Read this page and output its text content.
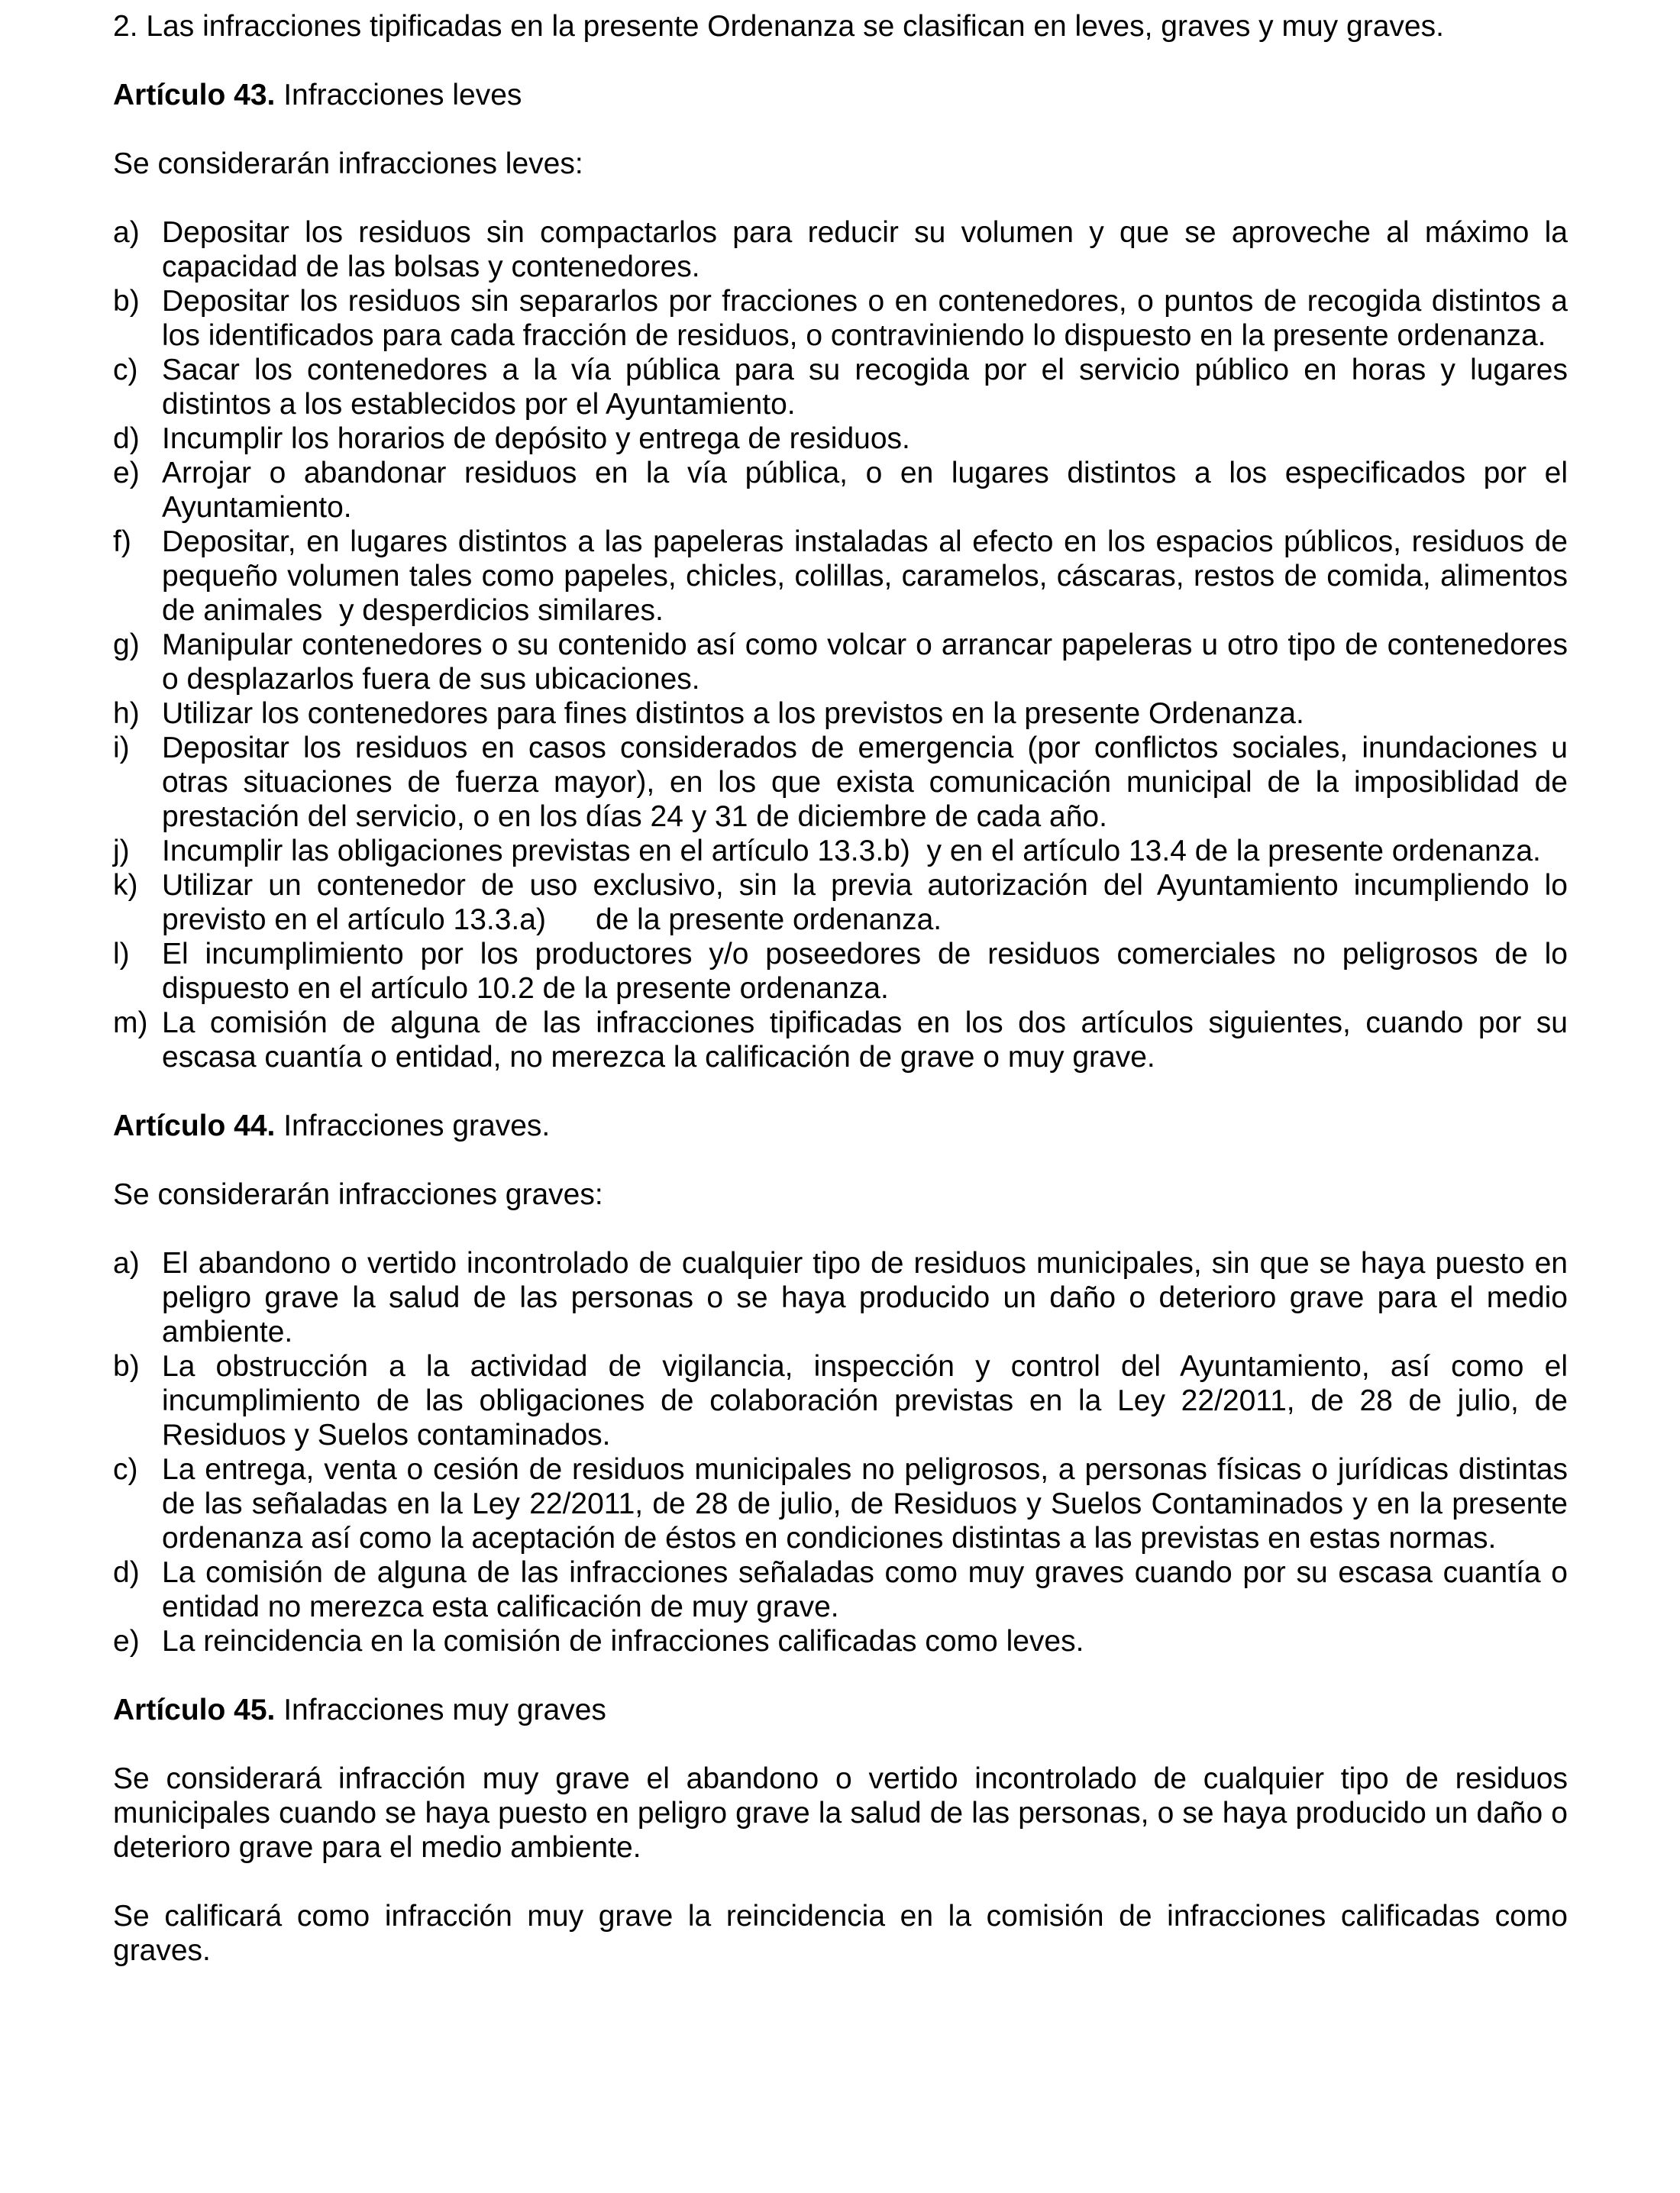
2. Las infracciones tipificadas en la presente Ordenanza se clasifican en leves, graves y muy graves.

Artículo 43. Infracciones leves

Se considerarán infracciones leves:

a) Depositar los residuos sin compactarlos para reducir su volumen y que se aproveche al máximo la capacidad de las bolsas y contenedores.
b) Depositar los residuos sin separarlos por fracciones o en contenedores, o puntos de recogida distintos a los identificados para cada fracción de residuos, o contraviniendo lo dispuesto en la presente ordenanza.
c) Sacar los contenedores a la vía pública para su recogida por el servicio público en horas y lugares distintos a los establecidos por el Ayuntamiento.
d) Incumplir los horarios de depósito y entrega de residuos.
e) Arrojar o abandonar residuos en la vía pública, o en lugares distintos a los especificados por el Ayuntamiento.
f) Depositar, en lugares distintos a las papeleras instaladas al efecto en los espacios públicos, residuos de pequeño volumen tales como papeles, chicles, colillas, caramelos, cáscaras, restos de comida, alimentos de animales  y desperdicios similares.
g) Manipular contenedores o su contenido así como volcar o arrancar papeleras u otro tipo de contenedores o desplazarlos fuera de sus ubicaciones.
h) Utilizar los contenedores para fines distintos a los previstos en la presente Ordenanza.
i) Depositar los residuos en casos considerados de emergencia (por conflictos sociales, inundaciones u otras situaciones de fuerza mayor), en los que exista comunicación municipal de la imposiblidad de prestación del servicio, o en los días 24 y 31 de diciembre de cada año.
j) Incumplir las obligaciones previstas en el artículo 13.3.b)  y en el artículo 13.4 de la presente ordenanza.
k) Utilizar un contenedor de uso exclusivo, sin la previa autorización del Ayuntamiento incumpliendo lo previsto en el artículo 13.3.a)      de la presente ordenanza.
l) El incumplimiento por los productores y/o poseedores de residuos comerciales no peligrosos de lo dispuesto en el artículo 10.2 de la presente ordenanza.
m) La comisión de alguna de las infracciones tipificadas en los dos artículos siguientes, cuando por su escasa cuantía o entidad, no merezca la calificación de grave o muy grave.

Artículo 44. Infracciones graves.

Se considerarán infracciones graves:

a) El abandono o vertido incontrolado de cualquier tipo de residuos municipales, sin que se haya puesto en peligro grave la salud de las personas o se haya producido un daño o deterioro grave para el medio ambiente.
b) La obstrucción a la actividad de vigilancia, inspección y control del Ayuntamiento, así como el incumplimiento de las obligaciones de colaboración previstas en la Ley 22/2011, de 28 de julio, de Residuos y Suelos contaminados.
c) La entrega, venta o cesión de residuos municipales no peligrosos, a personas físicas o jurídicas distintas de las señaladas en la Ley 22/2011, de 28 de julio, de Residuos y Suelos Contaminados y en la presente ordenanza así como la aceptación de éstos en condiciones distintas a las previstas en estas normas.
d) La comisión de alguna de las infracciones señaladas como muy graves cuando por su escasa cuantía o entidad no merezca esta calificación de muy grave.
e) La reincidencia en la comisión de infracciones calificadas como leves.

Artículo 45. Infracciones muy graves

Se considerará infracción muy grave el abandono o vertido incontrolado de cualquier tipo de residuos municipales cuando se haya puesto en peligro grave la salud de las personas, o se haya producido un daño o deterioro grave para el medio ambiente.

Se calificará como infracción muy grave la reincidencia en la comisión de infracciones calificadas como graves.
